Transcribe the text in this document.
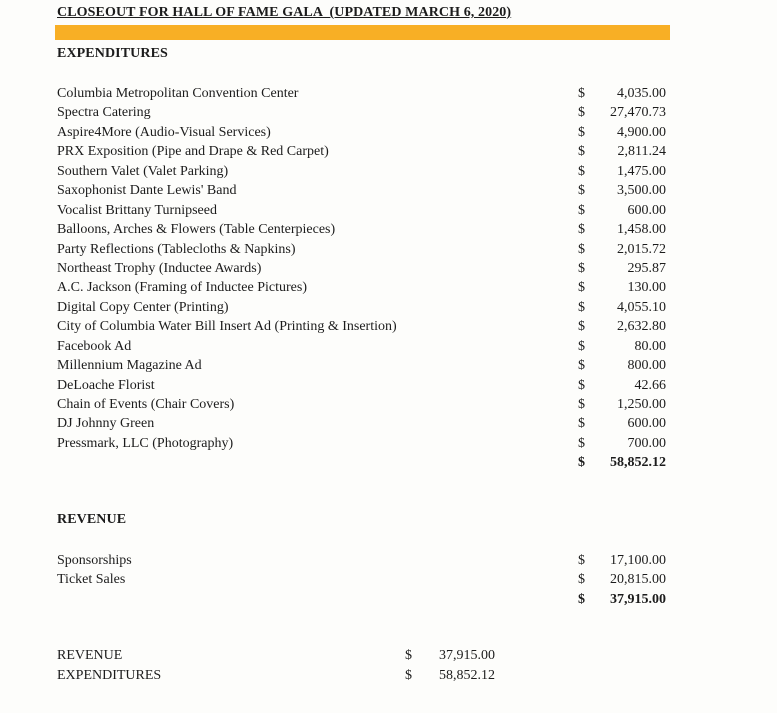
CLOSEOUT FOR HALL OF FAME GALA  (UPDATED MARCH 6, 2020)
EXPENDITURES
Columbia Metropolitan Convention Center	$	4,035.00
Spectra Catering	$	27,470.73
Aspire4More (Audio-Visual Services)	$	4,900.00
PRX Exposition (Pipe and Drape & Red Carpet)	$	2,811.24
Southern Valet (Valet Parking)	$	1,475.00
Saxophonist Dante Lewis' Band	$	3,500.00
Vocalist Brittany Turnipseed	$	600.00
Balloons, Arches & Flowers (Table Centerpieces)	$	1,458.00
Party Reflections (Tablecloths & Napkins)	$	2,015.72
Northeast Trophy (Inductee Awards)	$	295.87
A.C. Jackson (Framing of Inductee Pictures)	$	130.00
Digital Copy Center (Printing)	$	4,055.10
City of Columbia Water Bill Insert Ad (Printing & Insertion)	$	2,632.80
Facebook Ad	$	80.00
Millennium Magazine Ad	$	800.00
DeLoache Florist	$	42.66
Chain of Events (Chair Covers)	$	1,250.00
DJ Johnny Green	$	600.00
Pressmark, LLC (Photography)	$	700.00
$	58,852.12
REVENUE
Sponsorships	$	17,100.00
Ticket Sales	$	20,815.00
$	37,915.00
REVENUE	$	37,915.00
EXPENDITURES	$	58,852.12
